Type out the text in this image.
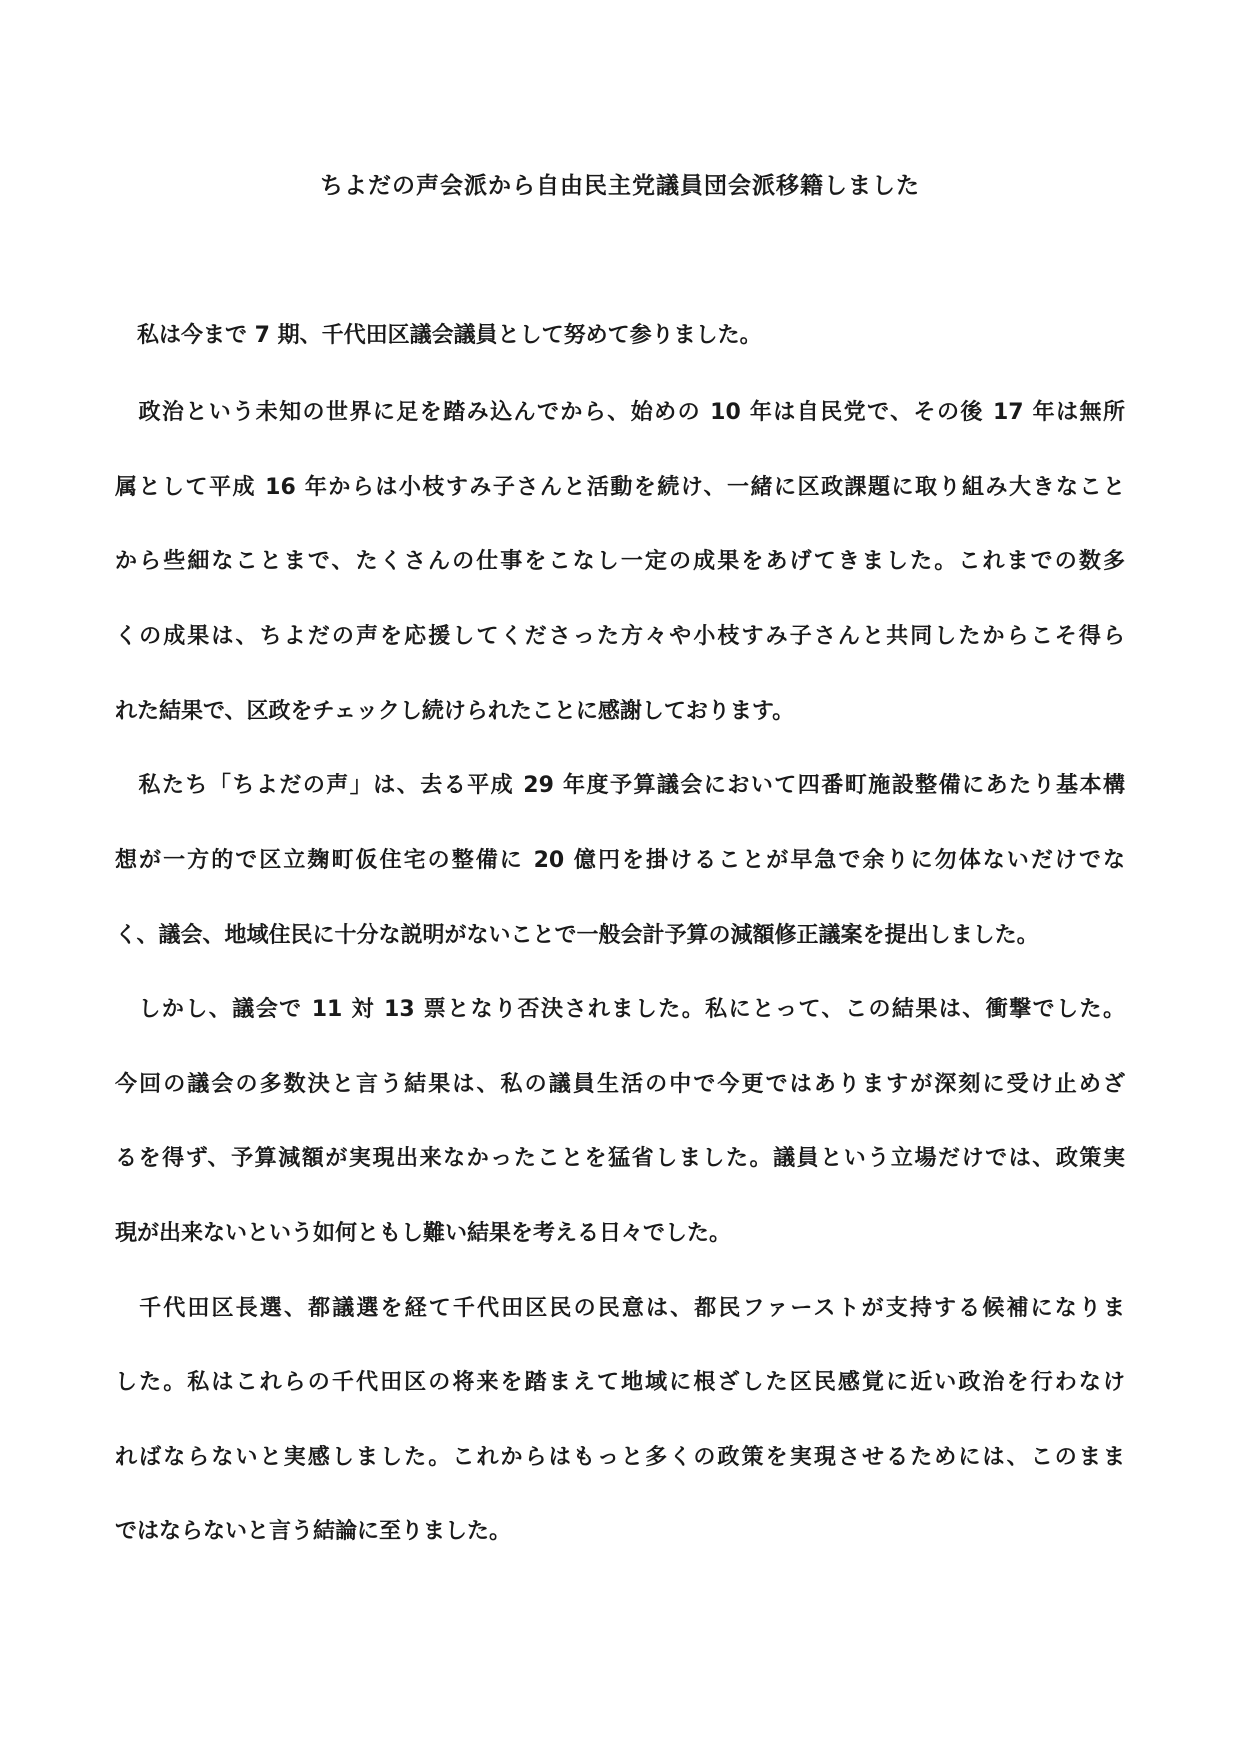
ちよだの声会派から自由民主党議員団会派移籍しました
　私は今まで 7 期、千代田区議会議員として努めて参りました。
　政治という未知の世界に足を踏み込んでから、始めの 10 年は自民党で、その後 17 年は無所
属として平成 16 年からは小枝すみ子さんと活動を続け、一緒に区政課題に取り組み大きなこと
から些細なことまで、たくさんの仕事をこなし一定の成果をあげてきました。これまでの数多
くの成果は、ちよだの声を応援してくださった方々や小枝すみ子さんと共同したからこそ得ら
れた結果で、区政をチェックし続けられたことに感謝しております。
　私たち「ちよだの声」は、去る平成 29 年度予算議会において四番町施設整備にあたり基本構
想が一方的で区立麹町仮住宅の整備に 20 億円を掛けることが早急で余りに勿体ないだけでな
く、議会、地域住民に十分な説明がないことで一般会計予算の減額修正議案を提出しました。
　しかし、議会で 11 対 13 票となり否決されました。私にとって、この結果は、衝撃でした。
今回の議会の多数決と言う結果は、私の議員生活の中で今更ではありますが深刻に受け止めざ
るを得ず、予算減額が実現出来なかったことを猛省しました。議員という立場だけでは、政策実
現が出来ないという如何ともし難い結果を考える日々でした。
　千代田区長選、都議選を経て千代田区民の民意は、都民ファーストが支持する候補になりま
した。私はこれらの千代田区の将来を踏まえて地域に根ざした区民感覚に近い政治を行わなけ
ればならないと実感しました。これからはもっと多くの政策を実現させるためには、このまま
ではならないと言う結論に至りました。
